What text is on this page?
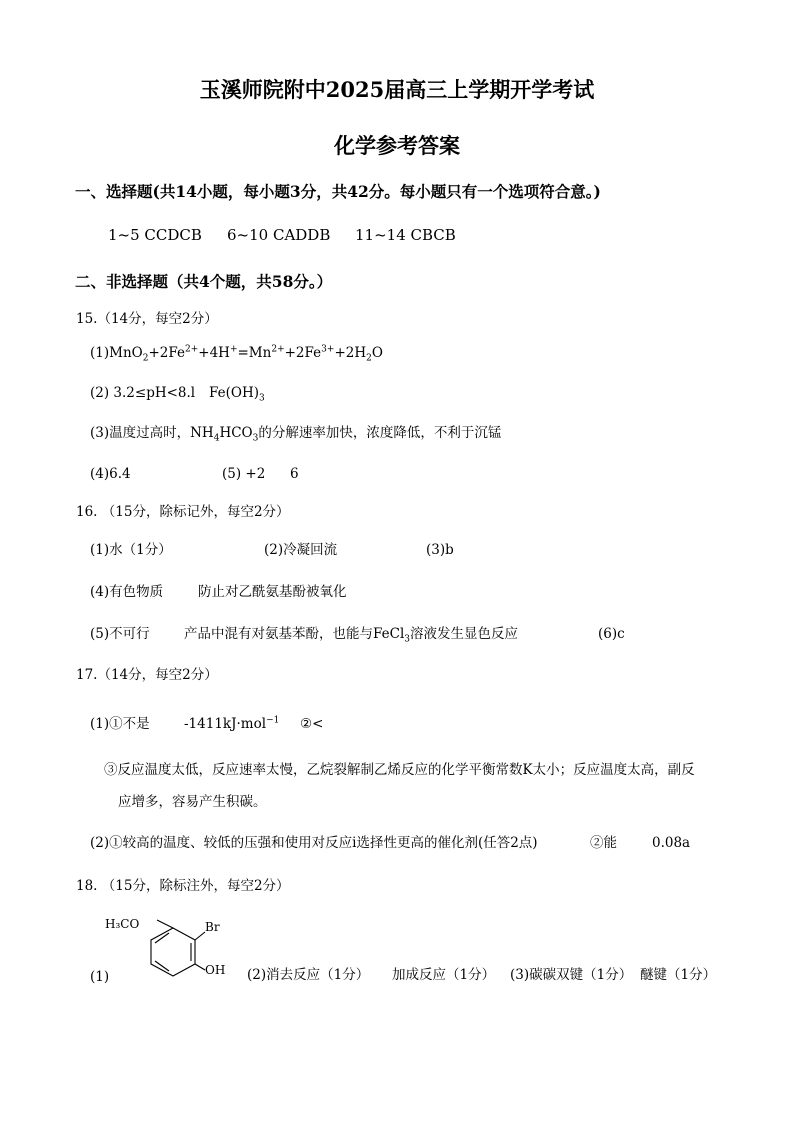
玉溪师院附中2025届高三上学期开学考试
化学参考答案
一、选择题(共14小题，每小题3分，共42分。每小题只有一个选项符合意。)
1~5 CCDCB 6~10 CADDB 11~14 CBCB
二、非选择题（共4个题，共58分。）
15.（14分，每空2分）
$(1)MnO_2+2Fe^{2+}+4H^+=Mn^{2+}+2Fe^{3+}+2H_2O$
(2) 3.2≤pH<8.l $Fe(OH)_3$
(3)温度过高时，$NH_4HCO_3$的分解速率加快，浓度降低，不利于沉锰
(4)6.4	(5) +2 6
16. （15分，除标记外，每空2分）
(1)水（1分）	(2)冷凝回流	(3)b
(4)有色物质	防止对乙酰氨基酚被氧化
(5)不可行	产品中混有对氨基苯酚，也能与FeCl$_3$溶液发生显色反应	(6)c
17.（14分，每空2分）
(1)①不是	-1411kJ·mol$^{-1}$ ②<
③反应温度太低，反应速率太慢，乙烷裂解制乙烯反应的化学平衡常数K太小；反应温度太高，副反
应增多，容易产生积碳。
(2)①较高的温度、较低的压强和使用对反应ⅰ选择性更高的催化剂(任答2点)	②能	0.08a
18. （15分，除标注外，每空2分）
H₃CO	Br
OH
(1)	(2)消去反应（1分） 加成反应（1分） (3)碳碳双键（1分） 醚键（1分）
